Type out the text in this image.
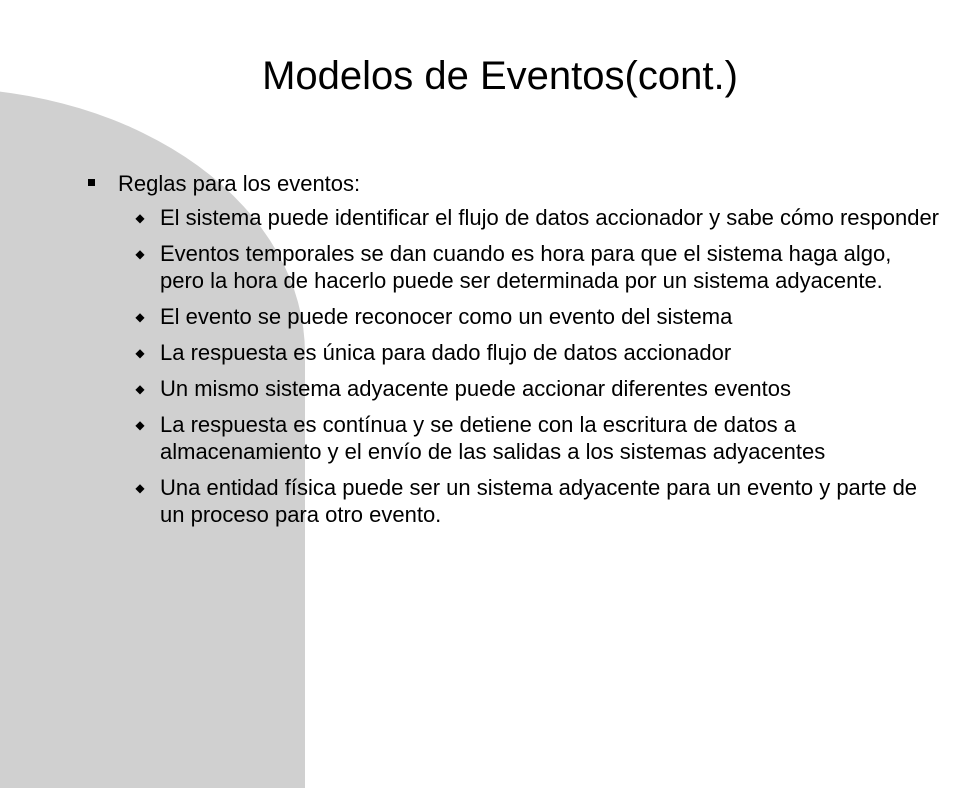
Modelos de Eventos(cont.)
Reglas para los eventos:
◆ El sistema puede identificar el flujo de datos accionador y sabe cómo responder
◆ Eventos temporales se dan cuando es hora para que el sistema haga algo, pero la hora de hacerlo puede ser determinada por un sistema adyacente.
◆ El evento se puede reconocer como un evento del sistema
◆ La respuesta es única para dado flujo de datos accionador
◆ Un mismo sistema adyacente puede accionar diferentes eventos
◆ La respuesta es contínua y se detiene con la escritura de datos a almacenamiento y el envío de las salidas a los sistemas adyacentes
◆ Una entidad física puede ser un sistema adyacente para un evento y parte de un proceso para otro evento.
